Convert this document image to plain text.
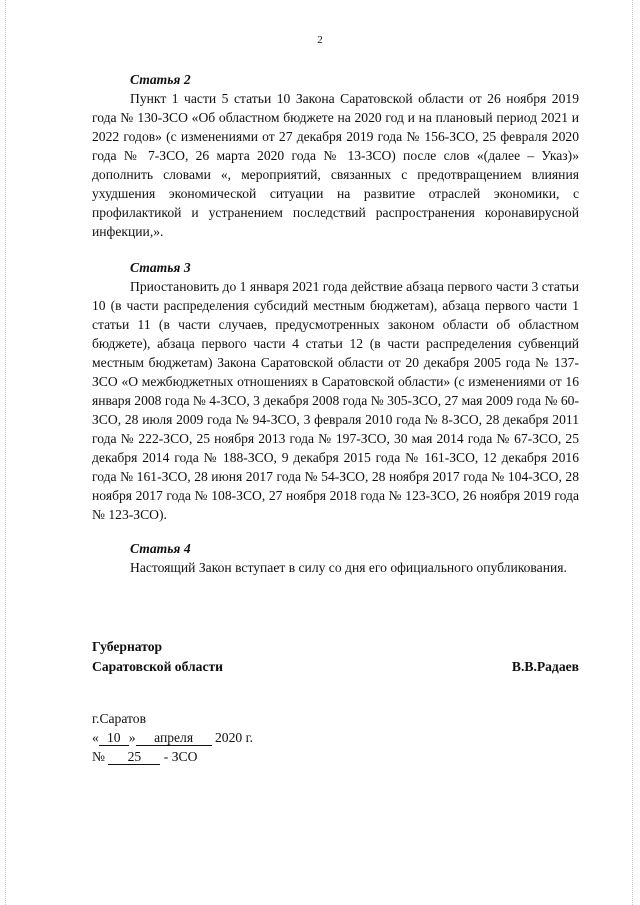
2
Статья 2

Пункт 1 части 5 статьи 10 Закона Саратовской области от 26 ноября 2019 года № 130-ЗСО «Об областном бюджете на 2020 год и на плановый период 2021 и 2022 годов» (с изменениями от 27 декабря 2019 года № 156-ЗСО, 25 февраля 2020 года № 7-ЗСО, 26 марта 2020 года № 13-ЗСО) после слов «(далее – Указ)» дополнить словами «, мероприятий, связанных с предотвращением влияния ухудшения экономической ситуации на развитие отраслей экономики, с профилактикой и устранением последствий распространения коронавирусной инфекции,».

Статья 3

Приостановить до 1 января 2021 года действие абзаца первого части 3 статьи 10 (в части распределения субсидий местным бюджетам), абзаца первого части 1 статьи 11 (в части случаев, предусмотренных законом области об областном бюджете), абзаца первого части 4 статьи 12 (в части распределения субвенций местным бюджетам) Закона Саратовской области от 20 декабря 2005 года № 137-ЗСО «О межбюджетных отношениях в Саратовской области» (с изменениями от 16 января 2008 года № 4-ЗСО, 3 декабря 2008 года № 305-ЗСО, 27 мая 2009 года № 60-ЗСО, 28 июля 2009 года № 94-ЗСО, 3 февраля 2010 года № 8-ЗСО, 28 декабря 2011 года № 222-ЗСО, 25 ноября 2013 года № 197-ЗСО, 30 мая 2014 года № 67-ЗСО, 25 декабря 2014 года № 188-ЗСО, 9 декабря 2015 года № 161-ЗСО, 12 декабря 2016 года № 161-ЗСО, 28 июня 2017 года № 54-ЗСО, 28 ноября 2017 года № 104-ЗСО, 28 ноября 2017 года № 108-ЗСО, 27 ноября 2018 года № 123-ЗСО, 26 ноября 2019 года № 123-ЗСО).

Статья 4

Настоящий Закон вступает в силу со дня его официального опубликования.

Губернатор
Саратовской области	В.В.Радаев
г.Саратов
« 10 » апреля 2020 г.
№ 25 - ЗСО
